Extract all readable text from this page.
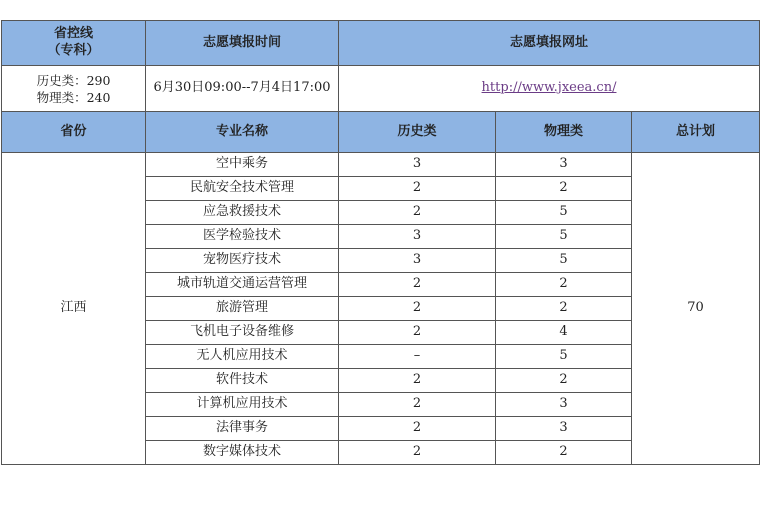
省控线
（专科）	志愿填报时间	志愿填报网址		

历史类：290
物理类：240	6月30日09:00--7月4日17:00	http://www.jxeea.cn/		
省份	专业名称	历史类	物理类	总计划
江西	空中乘务	3	3	70
	民航安全技术管理	2	2	
	应急救援技术	2	5	
	医学检验技术	3	5	
	宠物医疗技术	3	5	
	城市轨道交通运营管理	2	2	
	旅游管理	2	2	
	飞机电子设备维修	2	4	
	无人机应用技术	–	5	
	软件技术	2	2	
	计算机应用技术	2	3	
	法律事务	2	3	
	数字媒体技术	2	2	
